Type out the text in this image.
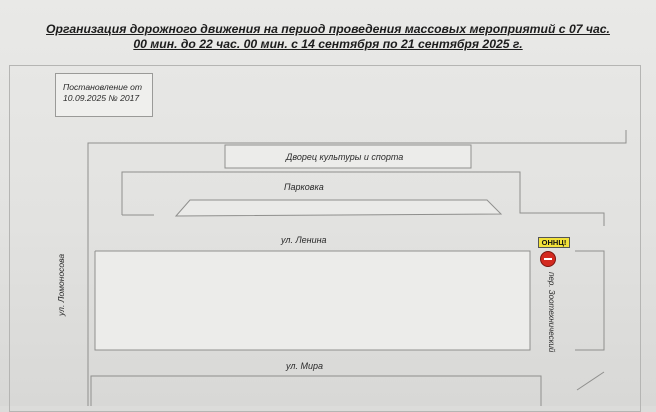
Организация дорожного движения на период проведения массовых мероприятий с 07 час. 00 мин. до 22 час. 00 мин. с 14 сентября по 21 сентября 2025 г.
Постановление от
10.09.2025 № 2017
Дворец культуры и спорта
Парковка
ул. Ленина
ул. Мира
ул. Ломоносова	пер. Зоотехнический
ОННЦ!
